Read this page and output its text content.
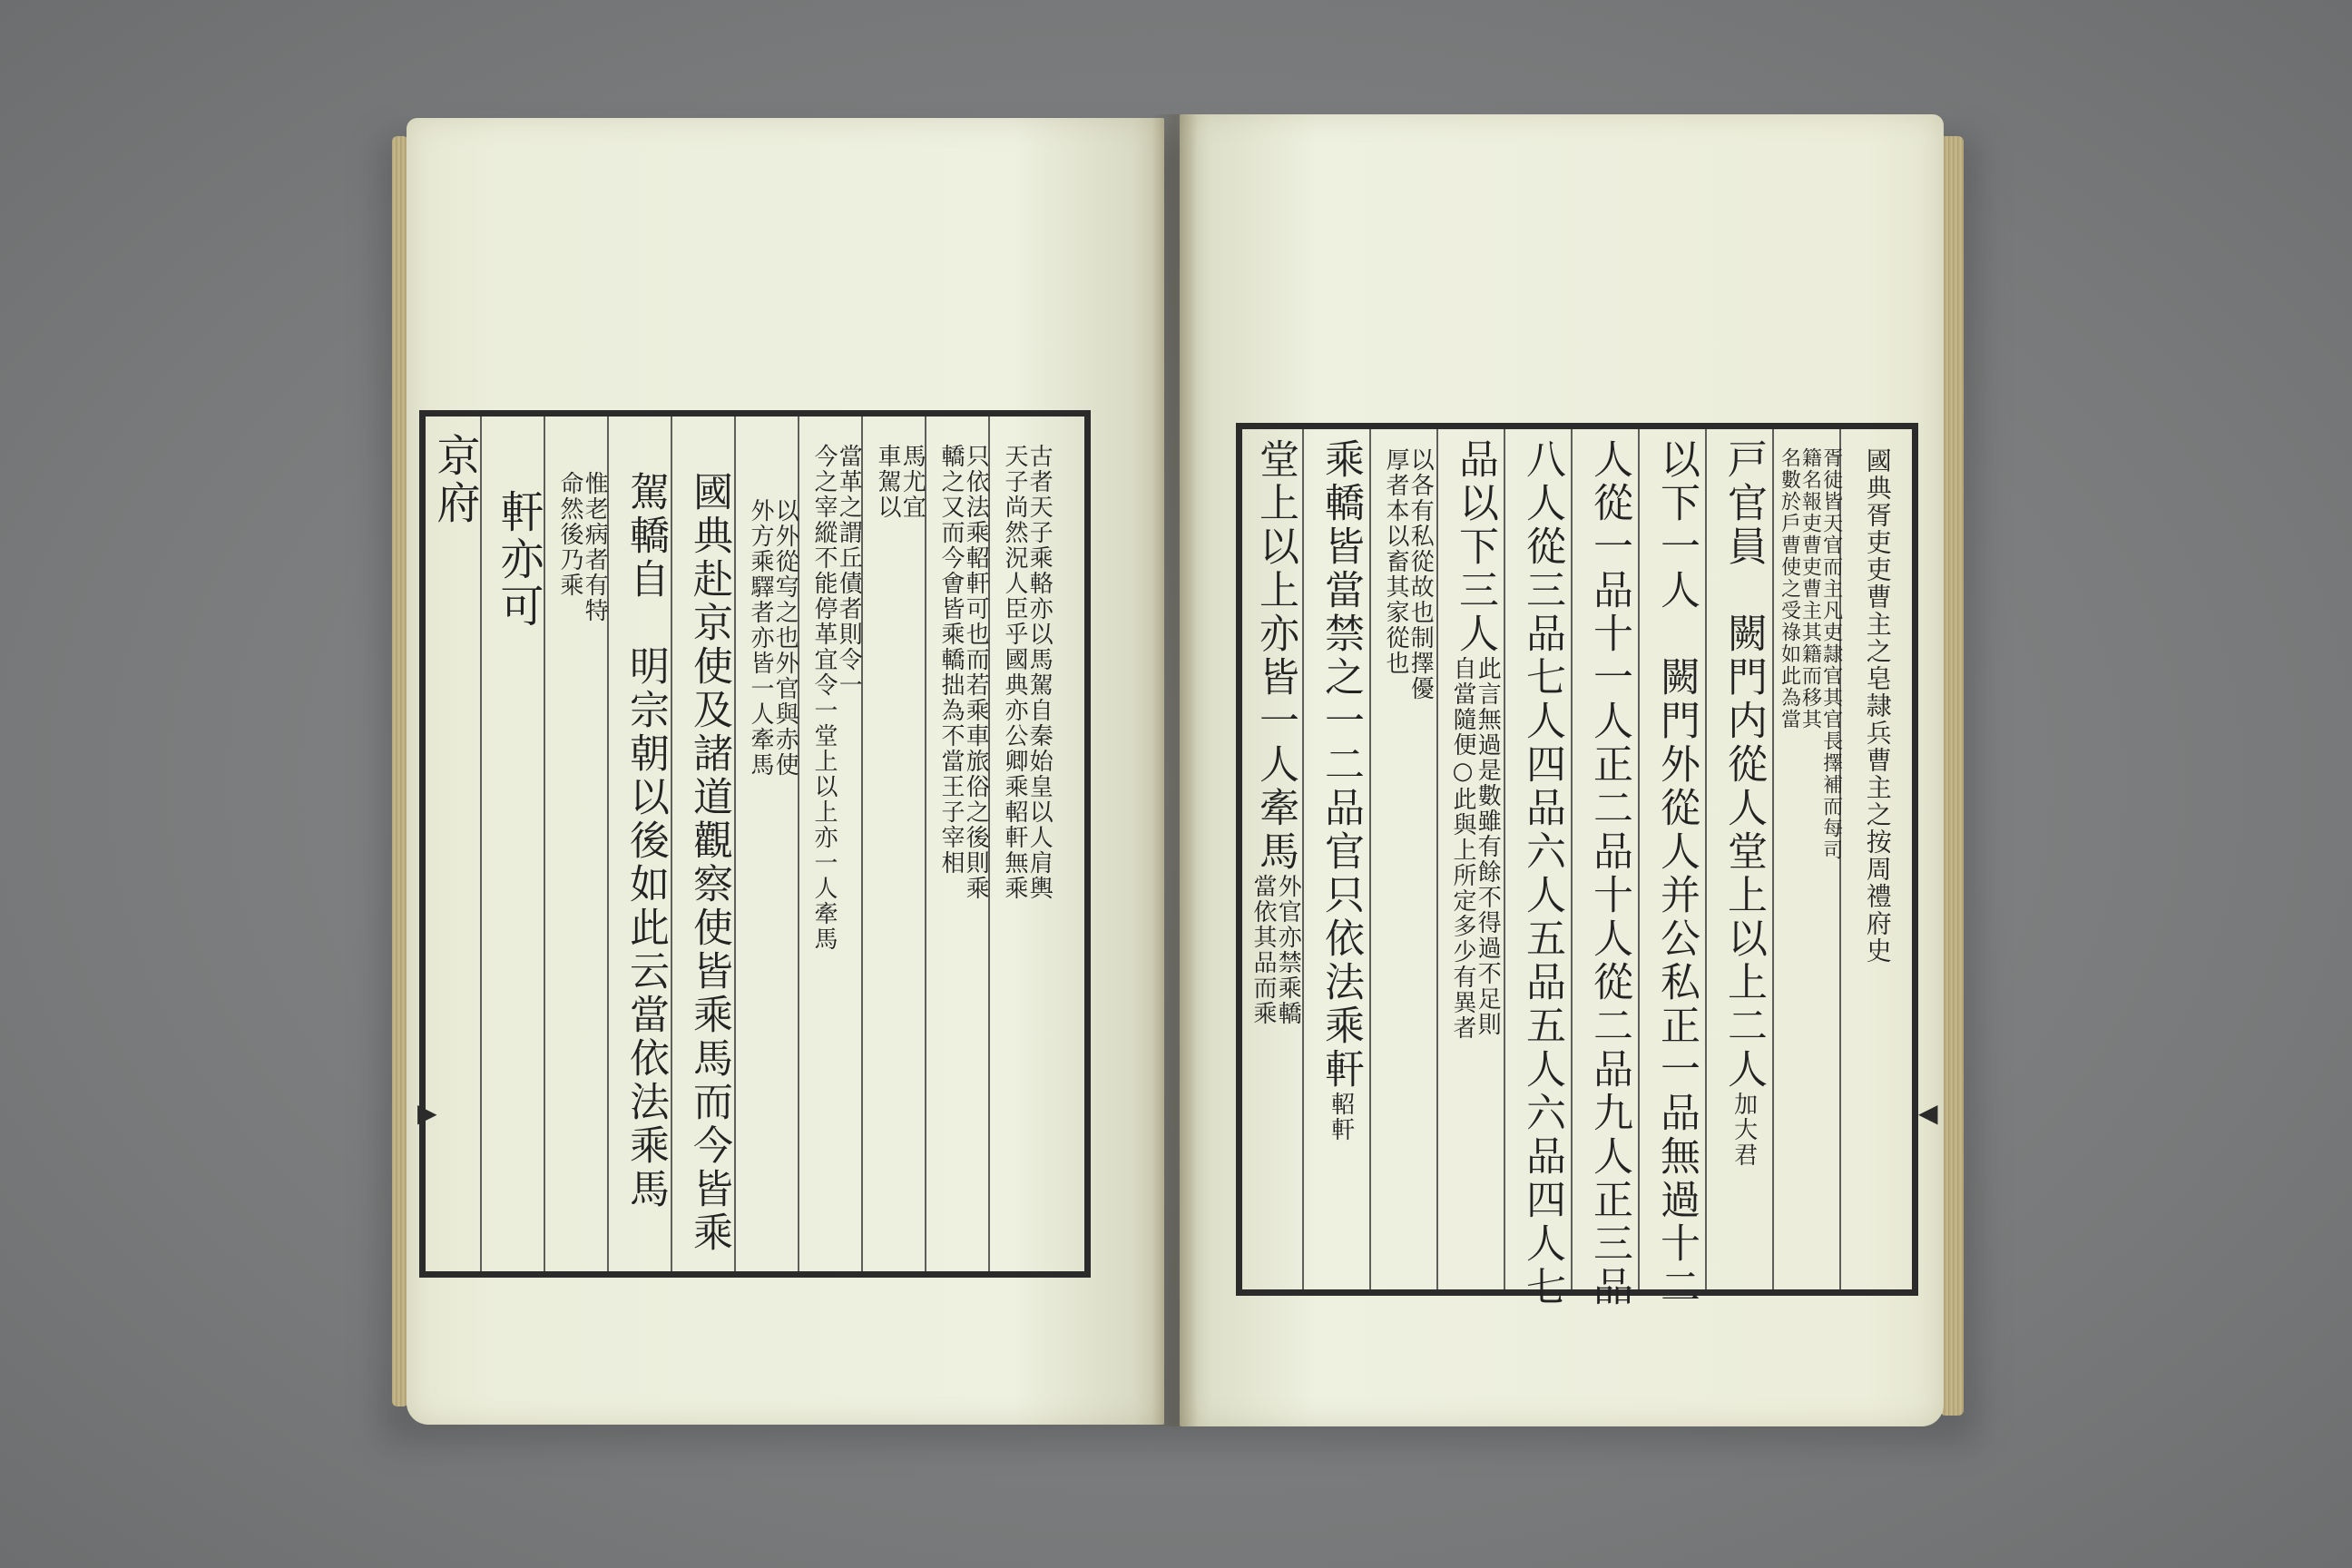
京府
軒亦可	惟老病者有特
命然後乃乘 駕轎自　明宗朝以後如此云當依法乘馬 國典赴京使及諸道觀察使皆乘馬而今皆乘	以外從㝍之也外官與赤使
外方乘驛者亦皆一人牽馬	當革之謂丘債者則令一
今之宰縱不能停革宜令一堂上以上亦一人牽馬	馬尤宜
車駕以	只依法乘軺軒可也而若乘車旅俗之後則乘
轎之又而今㑹皆乘轎拙為不當王子宰相	古者天子乘輅亦以馬駕自秦始皇以人肩輿
天子尚然況人臣乎國典亦公卿乘軺軒無乘	國典胥吏吏曹主之皂隷兵曹主之按周禮府史
胥徒皆天官而主凡吏隷官其官長擇補而每司
籍名報吏曹吏曹主其籍而移其
名數於戶曹使之受祿如此為當
戸官員　闕門内從人堂上以上二人
加大君
以下一人　闕門外從人并公私正一品無過十二
人從一品十一人正二品十人從二品九人正三品
八人從三品七人四品六人五品五人六品四人七
品以下三人
此言無過是數雖有餘不得過不足則
自當隨便○此與上所定多少有異者
以各有私從故也制擇優
厚者本以畜其家從也
乘轎皆當禁之一二品官只依法乘軒
軺軒
堂上以上亦皆一人牽馬
外官亦禁乘轎
當依其品而乘
◀
▶
